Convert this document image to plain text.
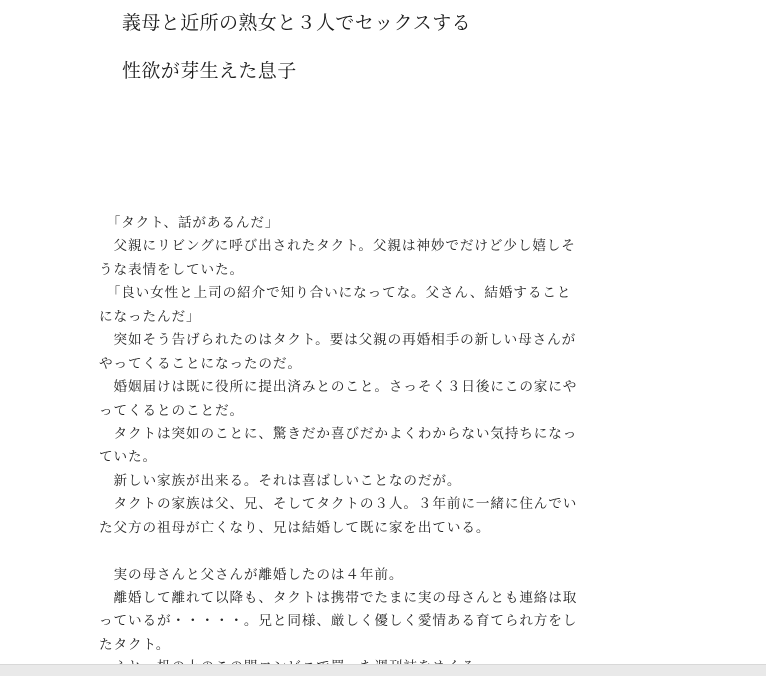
義母と近所の熟女と３人でセックスする
性欲が芽生えた息子
　「タクト、話があるんだ」
　父親にリビングに呼び出されたタクト。父親は神妙でだけど少し嬉しそ
うな表情をしていた。
　「良い女性と上司の紹介で知り合いになってな。父さん、結婚すること
になったんだ」
　突如そう告げられたのはタクト。要は父親の再婚相手の新しい母さんが
やってくることになったのだ。
　婚姻届けは既に役所に提出済みとのこと。さっそく３日後にこの家にや
ってくるとのことだ。
　タクトは突如のことに、驚きだか喜びだかよくわからない気持ちになっ
ていた。
　新しい家族が出来る。それは喜ばしいことなのだが。
　タクトの家族は父、兄、そしてタクトの３人。３年前に一緒に住んでい
た父方の祖母が亡くなり、兄は結婚して既に家を出ている。
　実の母さんと父さんが離婚したのは４年前。
　離婚して離れて以降も、タクトは携帯でたまに実の母さんとも連絡は取
っているが・・・・・。兄と同様、厳しく優しく愛情ある育てられ方をし
たタクト。
